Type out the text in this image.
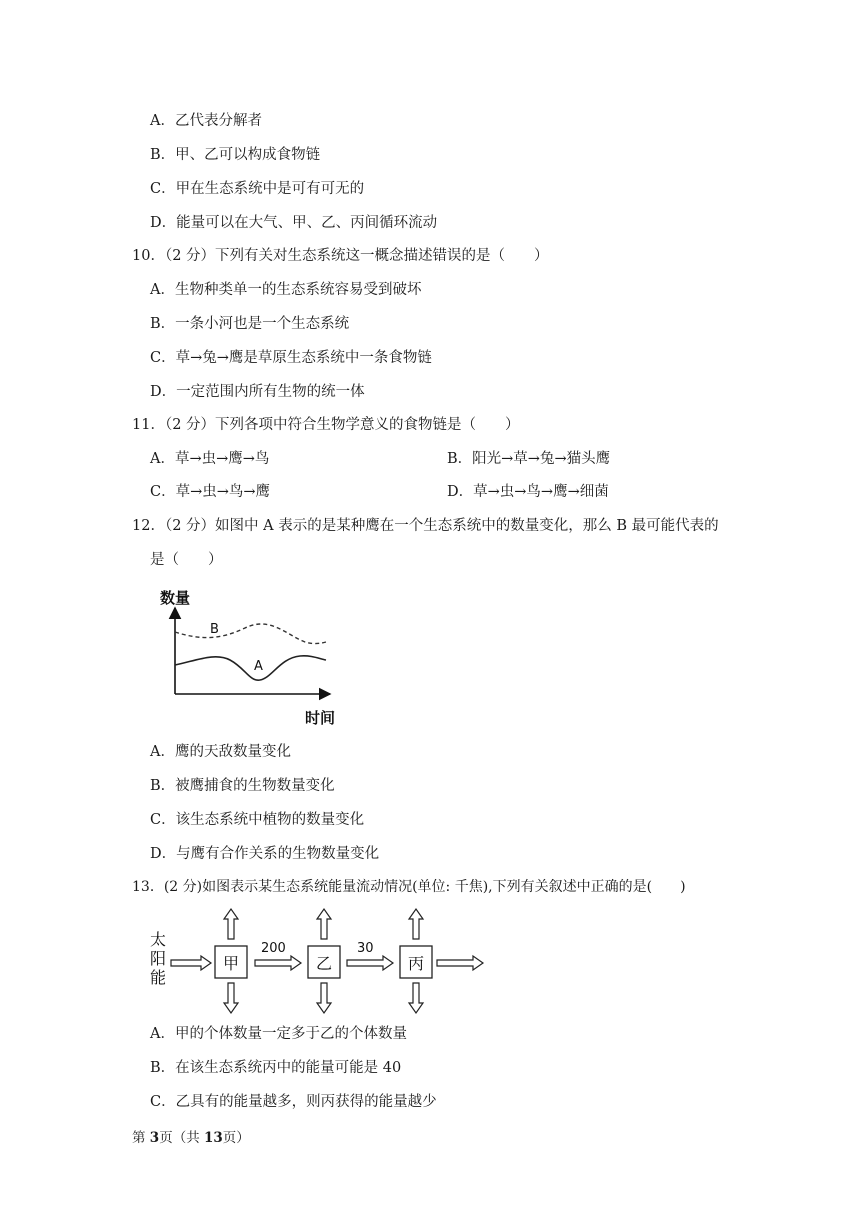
A．乙代表分解者
B．甲、乙可以构成食物链
C．甲在生态系统中是可有可无的
D．能量可以在大气、甲、乙、丙间循环流动
10．（2 分）下列有关对生态系统这一概念描述错误的是（　　）
A．生物种类单一的生态系统容易受到破坏
B．一条小河也是一个生态系统
C．草→兔→鹰是草原生态系统中一条食物链
D．一定范围内所有生物的统一体
11．（2 分）下列各项中符合生物学意义的食物链是（　　）
A．草→虫→鹰→鸟	B．阳光→草→兔→猫头鹰
C．草→虫→鸟→鹰	D．草→虫→鸟→鹰→细菌
12．（2 分）如图中 A 表示的是某种鹰在一个生态系统中的数量变化，那么 B 最可能代表的
是（　　）
数量
B
A
时间
A．鹰的天敌数量变化
B．被鹰捕食的生物数量变化
C．该生态系统中植物的数量变化
D．与鹰有合作关系的生物数量变化
13．(2 分)如图表示某生态系统能量流动情况(单位: 千焦),下列有关叙述中正确的是(　　)
太
阳
能
甲	乙	丙
200	30
A．甲的个体数量一定多于乙的个体数量
B．在该生态系统丙中的能量可能是 40
C．乙具有的能量越多，则丙获得的能量越少
第 3页（共 13页）
